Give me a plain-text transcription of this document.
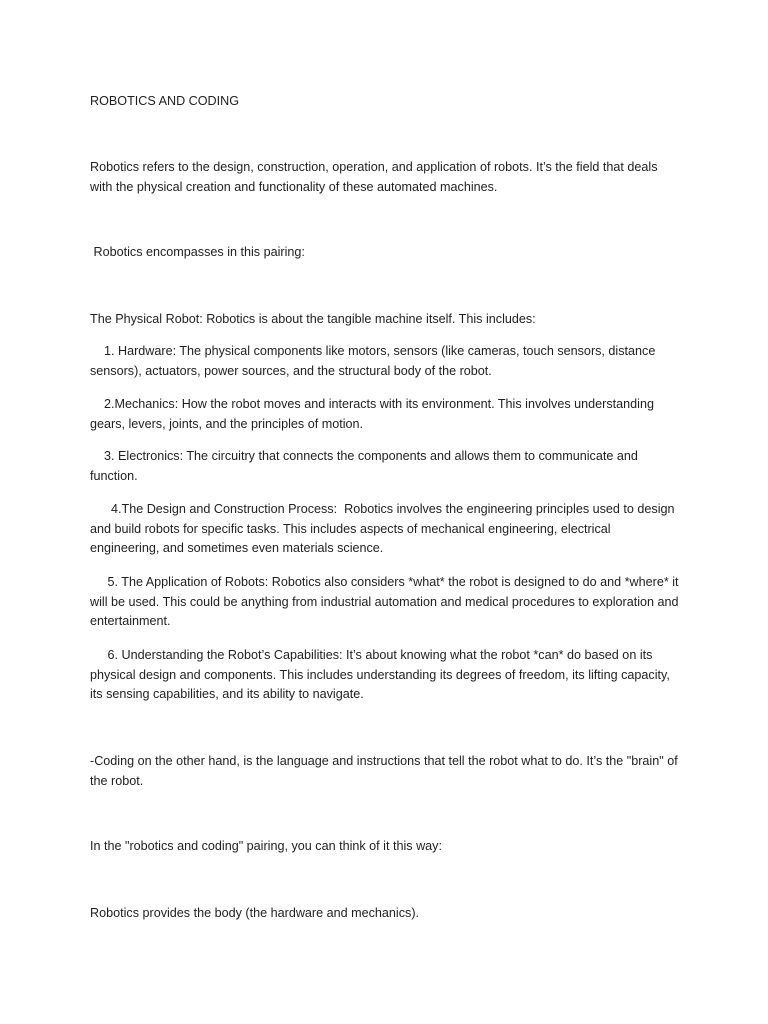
ROBOTICS AND CODING

Robotics refers to the design, construction, operation, and application of robots. It’s the field that deals with the physical creation and functionality of these automated machines.

Robotics encompasses in this pairing:

The Physical Robot: Robotics is about the tangible machine itself. This includes:

1. Hardware: The physical components like motors, sensors (like cameras, touch sensors, distance sensors), actuators, power sources, and the structural body of the robot.

2.Mechanics: How the robot moves and interacts with its environment. This involves understanding gears, levers, joints, and the principles of motion.

3. Electronics: The circuitry that connects the components and allows them to communicate and function.

4.The Design and Construction Process:  Robotics involves the engineering principles used to design and build robots for specific tasks. This includes aspects of mechanical engineering, electrical engineering, and sometimes even materials science.

5. The Application of Robots: Robotics also considers *what* the robot is designed to do and *where* it will be used. This could be anything from industrial automation and medical procedures to exploration and entertainment.

6. Understanding the Robot’s Capabilities: It’s about knowing what the robot *can* do based on its physical design and components. This includes understanding its degrees of freedom, its lifting capacity, its sensing capabilities, and its ability to navigate.

-Coding on the other hand, is the language and instructions that tell the robot what to do. It’s the "brain" of the robot.

In the "robotics and coding" pairing, you can think of it this way:

Robotics provides the body (the hardware and mechanics).
